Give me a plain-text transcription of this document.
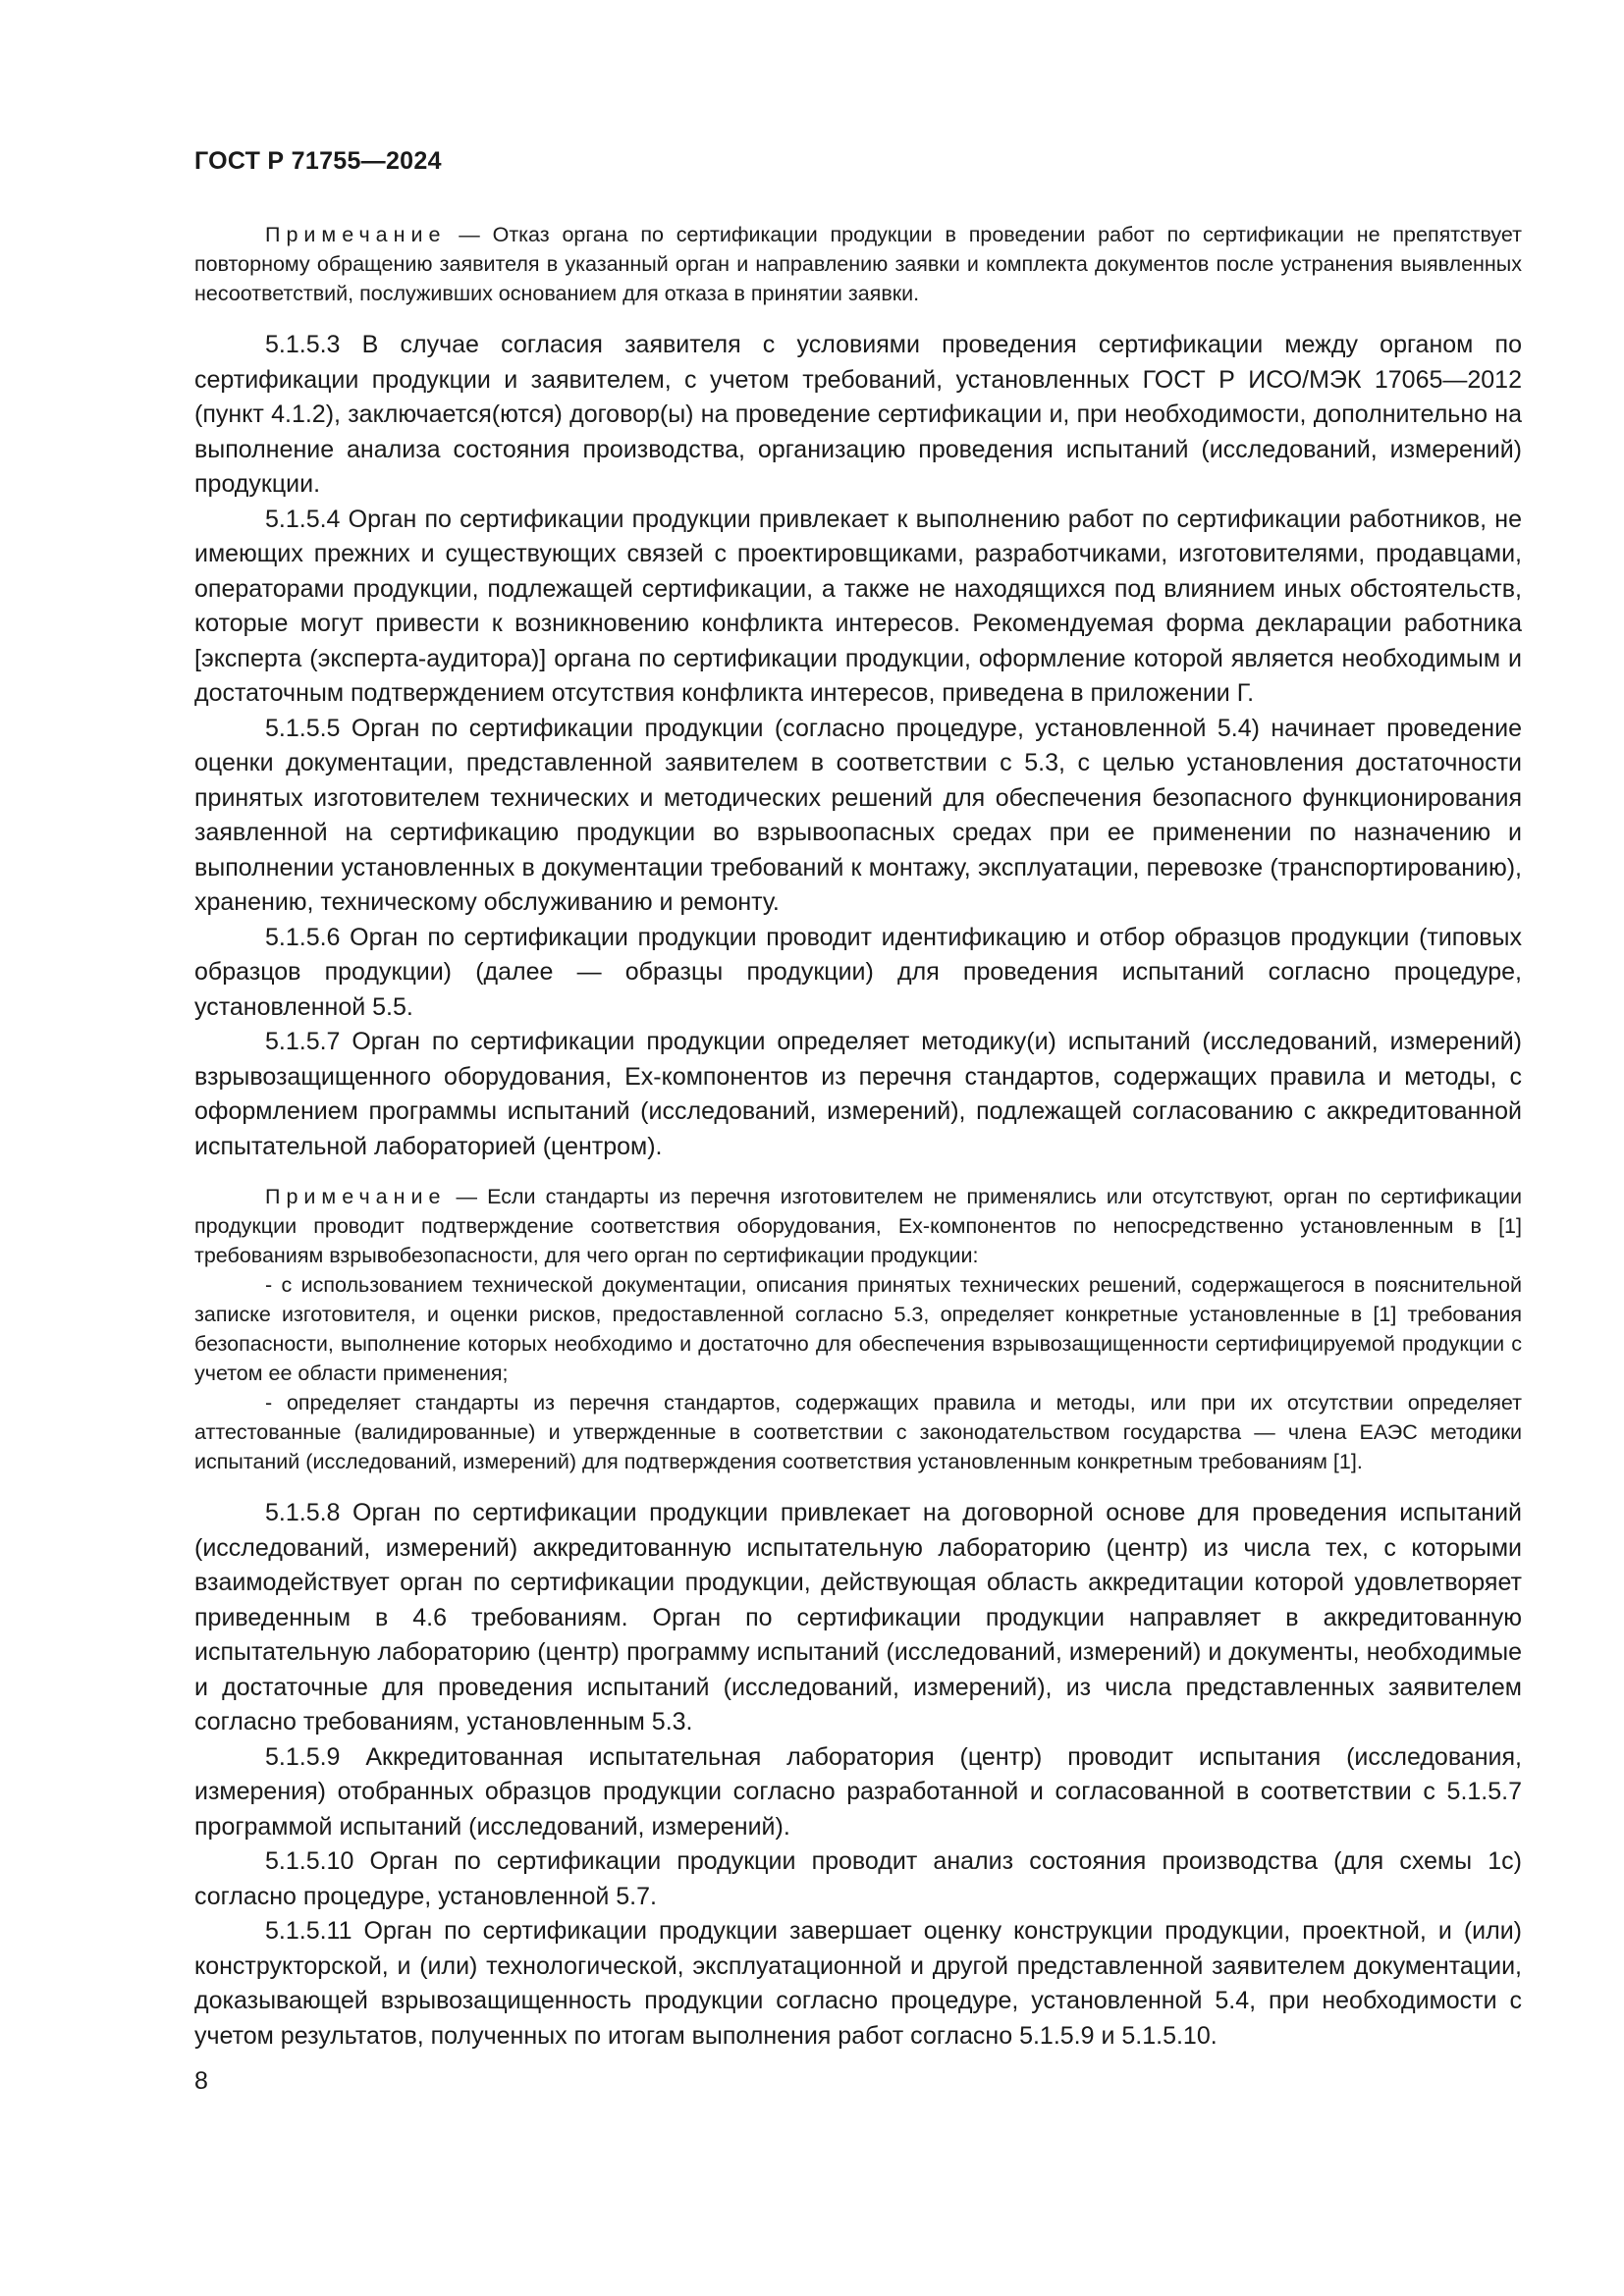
ГОСТ Р 71755—2024

Примечание — Отказ органа по сертификации продукции в проведении работ по сертификации не препятствует повторному обращению заявителя в указанный орган и направлению заявки и комплекта документов после устранения выявленных несоответствий, послуживших основанием для отказа в принятии заявки.

5.1.5.3 В случае согласия заявителя с условиями проведения сертификации между органом по сертификации продукции и заявителем, с учетом требований, установленных ГОСТ Р ИСО/МЭК 17065—2012 (пункт 4.1.2), заключается(ются) договор(ы) на проведение сертификации и, при необходимости, дополнительно на выполнение анализа состояния производства, организацию проведения испытаний (исследований, измерений) продукции.

5.1.5.4 Орган по сертификации продукции привлекает к выполнению работ по сертификации работников, не имеющих прежних и существующих связей с проектировщиками, разработчиками, изготовителями, продавцами, операторами продукции, подлежащей сертификации, а также не находящихся под влиянием иных обстоятельств, которые могут привести к возникновению конфликта интересов. Рекомендуемая форма декларации работника [эксперта (эксперта-аудитора)] органа по сертификации продукции, оформление которой является необходимым и достаточным подтверждением отсутствия конфликта интересов, приведена в приложении Г.

5.1.5.5 Орган по сертификации продукции (согласно процедуре, установленной 5.4) начинает проведение оценки документации, представленной заявителем в соответствии с 5.3, с целью установления достаточности принятых изготовителем технических и методических решений для обеспечения безопасного функционирования заявленной на сертификацию продукции во взрывоопасных средах при ее применении по назначению и выполнении установленных в документации требований к монтажу, эксплуатации, перевозке (транспортированию), хранению, техническому обслуживанию и ремонту.

5.1.5.6 Орган по сертификации продукции проводит идентификацию и отбор образцов продукции (типовых образцов продукции) (далее — образцы продукции) для проведения испытаний согласно процедуре, установленной 5.5.

5.1.5.7 Орган по сертификации продукции определяет методику(и) испытаний (исследований, измерений) взрывозащищенного оборудования, Ex-компонентов из перечня стандартов, содержащих правила и методы, с оформлением программы испытаний (исследований, измерений), подлежащей согласованию с аккредитованной испытательной лабораторией (центром).

Примечание — Если стандарты из перечня изготовителем не применялись или отсутствуют, орган по сертификации продукции проводит подтверждение соответствия оборудования, Ex-компонентов по непосредственно установленным в [1] требованиям взрывобезопасности, для чего орган по сертификации продукции:

- с использованием технической документации, описания принятых технических решений, содержащегося в пояснительной записке изготовителя, и оценки рисков, предоставленной согласно 5.3, определяет конкретные установленные в [1] требования безопасности, выполнение которых необходимо и достаточно для обеспечения взрывозащищенности сертифицируемой продукции с учетом ее области применения;

- определяет стандарты из перечня стандартов, содержащих правила и методы, или при их отсутствии определяет аттестованные (валидированные) и утвержденные в соответствии с законодательством государства — члена ЕАЭС методики испытаний (исследований, измерений) для подтверждения соответствия установленным конкретным требованиям [1].

5.1.5.8 Орган по сертификации продукции привлекает на договорной основе для проведения испытаний (исследований, измерений) аккредитованную испытательную лабораторию (центр) из числа тех, с которыми взаимодействует орган по сертификации продукции, действующая область аккредитации которой удовлетворяет приведенным в 4.6 требованиям. Орган по сертификации продукции направляет в аккредитованную испытательную лабораторию (центр) программу испытаний (исследований, измерений) и документы, необходимые и достаточные для проведения испытаний (исследований, измерений), из числа представленных заявителем согласно требованиям, установленным 5.3.

5.1.5.9 Аккредитованная испытательная лаборатория (центр) проводит испытания (исследования, измерения) отобранных образцов продукции согласно разработанной и согласованной в соответствии с 5.1.5.7 программой испытаний (исследований, измерений).

5.1.5.10 Орган по сертификации продукции проводит анализ состояния производства (для схемы 1с) согласно процедуре, установленной 5.7.

5.1.5.11 Орган по сертификации продукции завершает оценку конструкции продукции, проектной, и (или) конструкторской, и (или) технологической, эксплуатационной и другой представленной заявителем документации, доказывающей взрывозащищенность продукции согласно процедуре, установленной 5.4, при необходимости с учетом результатов, полученных по итогам выполнения работ согласно 5.1.5.9 и 5.1.5.10.

8
